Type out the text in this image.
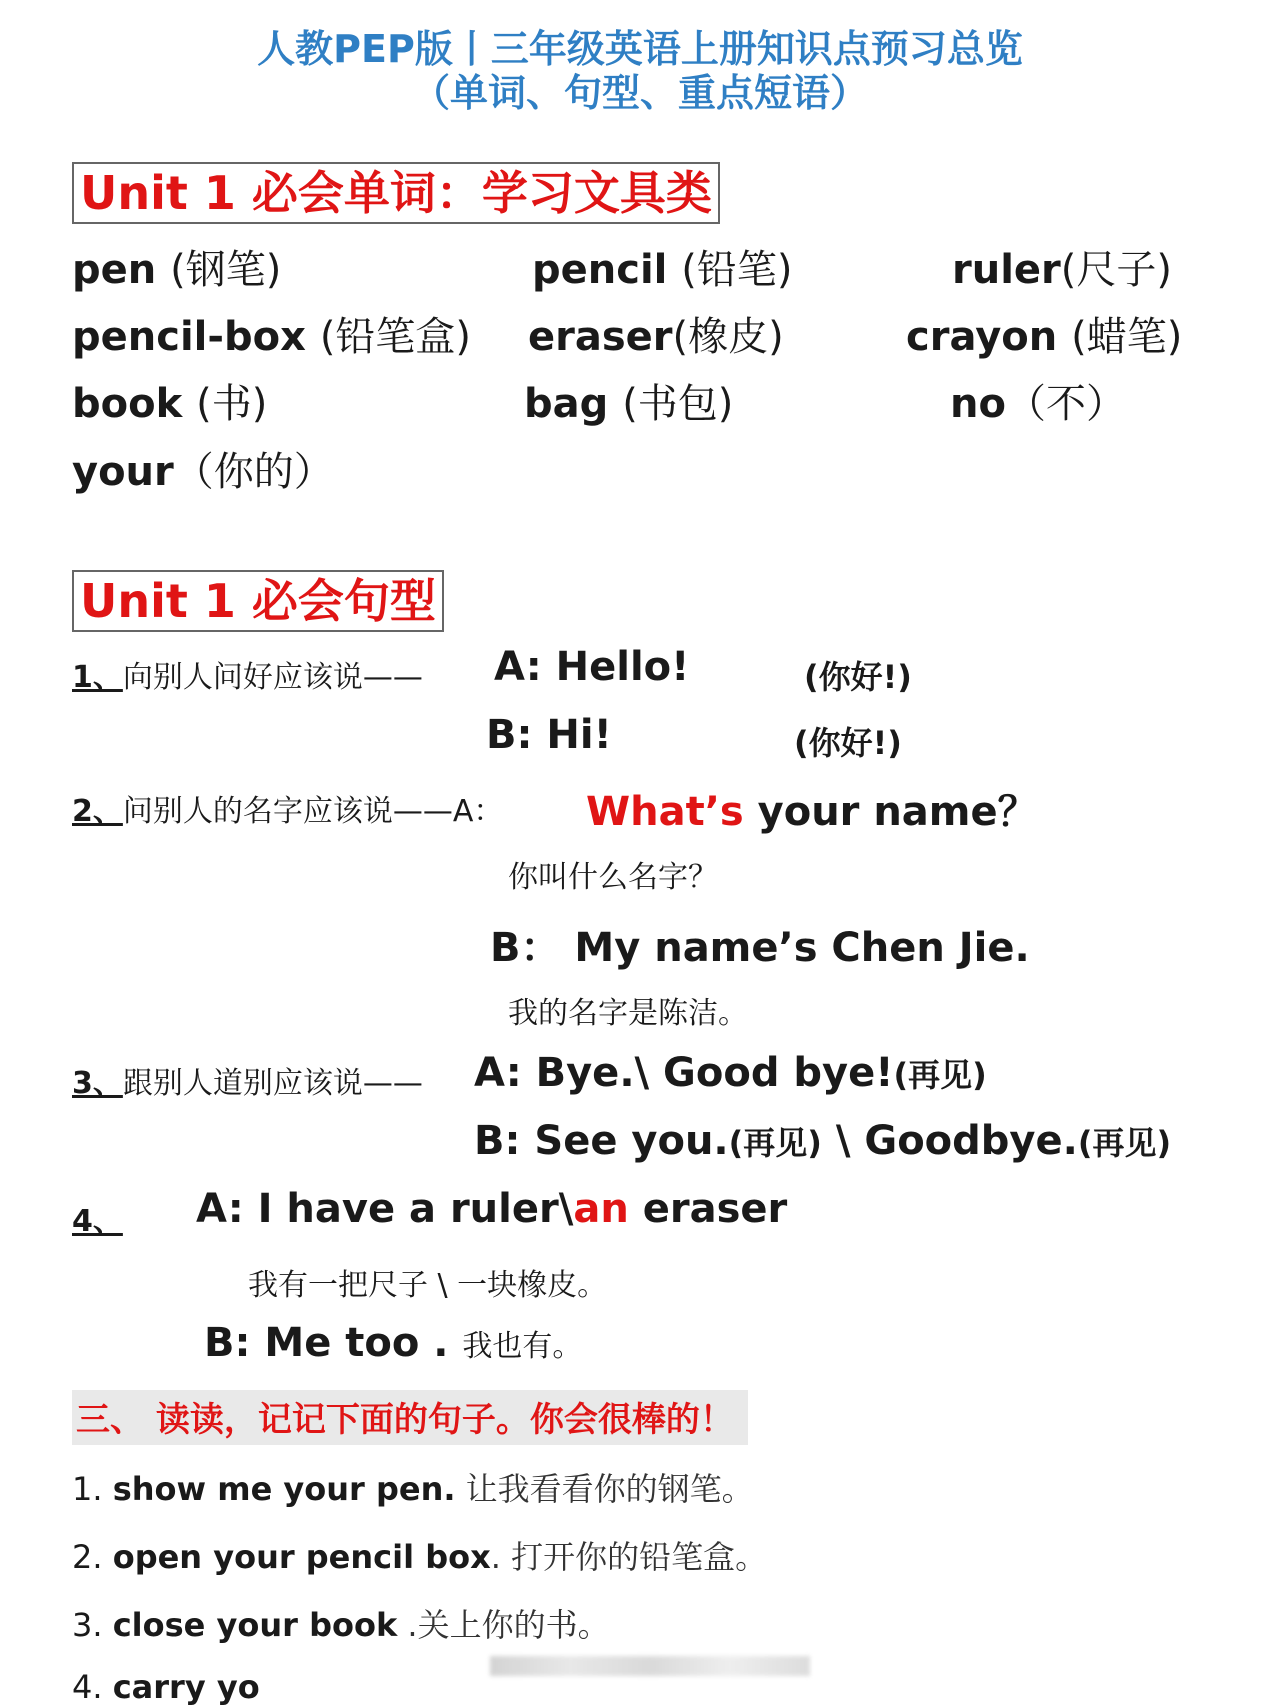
人教PEP版丨三年级英语上册知识点预习总览
（单词、句型、重点短语）
Unit 1 必会单词：学习文具类
pen (钢笔)	pencil (铅笔)	ruler(尺子)
pencil-box (铅笔盒) eraser(橡皮)	crayon (蜡笔)
book (书)	bag (书包)	no（不）
your（你的）
Unit 1 必会句型
1、向别人问好应该说—— A: Hello!	(你好!)
B: Hi!	(你好!)
2、问别人的名字应该说——A： What’s your name？
你叫什么名字？
B： My name’s Chen Jie.
我的名字是陈洁。
3、跟别人道别应该说—— A: Bye.\ Good bye!(再见)
B: See you.(再见) \ Goodbye.(再见)
4、 A: I have a ruler\an eraser
我有一把尺子 \ 一块橡皮。
B: Me too . 我也有。
三、 读读，记记下面的句子。你会很棒的！
1. show me your pen. 让我看看你的钢笔。
2. open your pencil box. 打开你的铅笔盒。
3. close your book .关上你的书。
4. carry yo
